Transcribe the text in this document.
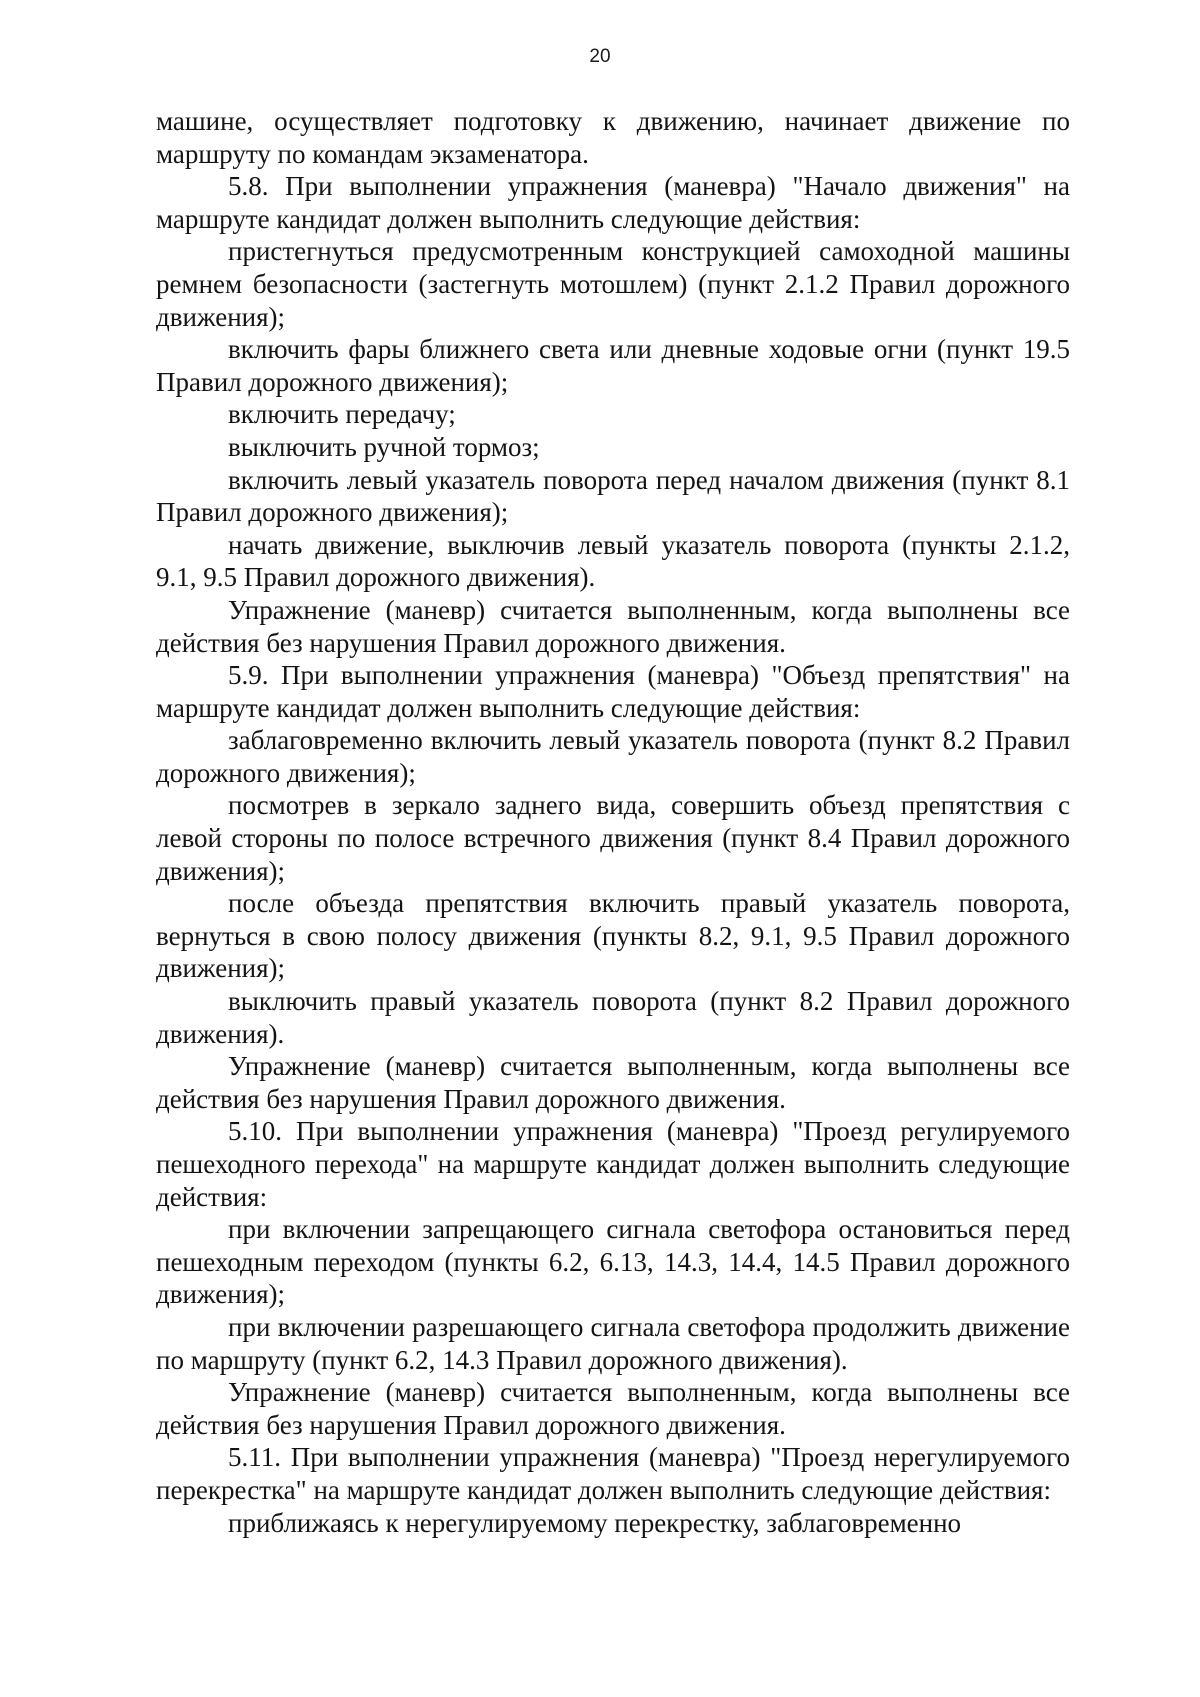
20

машине, осуществляет подготовку к движению, начинает движение по маршруту по командам экзаменатора.

5.8. При выполнении упражнения (маневра) "Начало движения" на маршруте кандидат должен выполнить следующие действия:

пристегнуться предусмотренным конструкцией самоходной машины ремнем безопасности (застегнуть мотошлем) (пункт 2.1.2 Правил дорожного движения);

включить фары ближнего света или дневные ходовые огни (пункт 19.5 Правил дорожного движения);

включить передачу;

выключить ручной тормоз;

включить левый указатель поворота перед началом движения (пункт 8.1 Правил дорожного движения);

начать движение, выключив левый указатель поворота (пункты 2.1.2, 9.1, 9.5 Правил дорожного движения).

Упражнение (маневр) считается выполненным, когда выполнены все действия без нарушения Правил дорожного движения.

5.9. При выполнении упражнения (маневра) "Объезд препятствия" на маршруте кандидат должен выполнить следующие действия:

заблаговременно включить левый указатель поворота (пункт 8.2 Правил дорожного движения);

посмотрев в зеркало заднего вида, совершить объезд препятствия с левой стороны по полосе встречного движения (пункт 8.4 Правил дорожного движения);

после объезда препятствия включить правый указатель поворота, вернуться в свою полосу движения (пункты 8.2, 9.1, 9.5 Правил дорожного движения);

выключить правый указатель поворота (пункт 8.2 Правил дорожного движения).

Упражнение (маневр) считается выполненным, когда выполнены все действия без нарушения Правил дорожного движения.

5.10. При выполнении упражнения (маневра) "Проезд регулируемого пешеходного перехода" на маршруте кандидат должен выполнить следующие действия:

при включении запрещающего сигнала светофора остановиться перед пешеходным переходом (пункты 6.2, 6.13, 14.3, 14.4, 14.5 Правил дорожного движения);

при включении разрешающего сигнала светофора продолжить движение по маршруту (пункт 6.2, 14.3 Правил дорожного движения).

Упражнение (маневр) считается выполненным, когда выполнены все действия без нарушения Правил дорожного движения.

5.11. При выполнении упражнения (маневра) "Проезд нерегулируемого перекрестка" на маршруте кандидат должен выполнить следующие действия:

приближаясь к нерегулируемому перекрестку, заблаговременно
